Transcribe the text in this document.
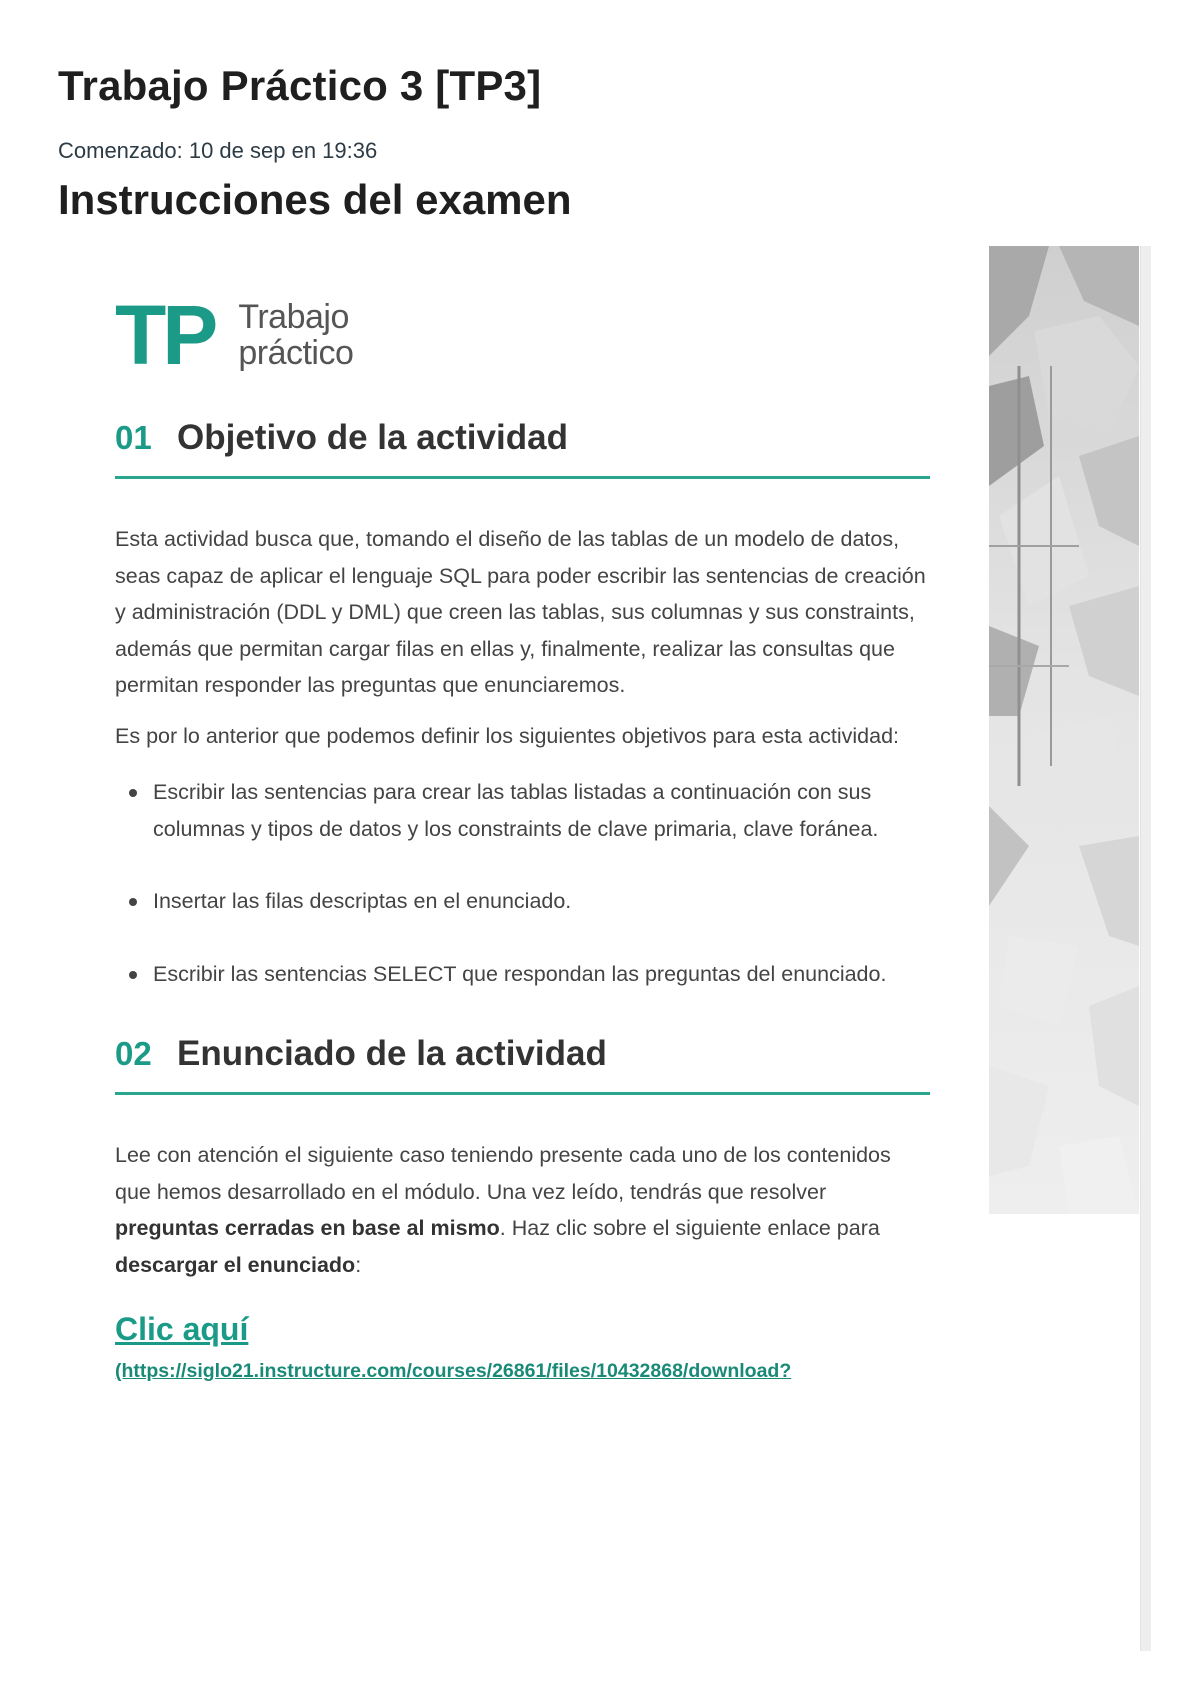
Trabajo Práctico 3 [TP3]
Comenzado: 10 de sep en 19:36
Instrucciones del examen
TP Trabajo
práctico
01 Objetivo de la actividad

Esta actividad busca que, tomando el diseño de las tablas de un modelo de datos, seas capaz de aplicar el lenguaje SQL para poder escribir las sentencias de creación y administración (DDL y DML) que creen las tablas, sus columnas y sus constraints, además que permitan cargar filas en ellas y, finalmente, realizar las consultas que permitan responder las preguntas que enunciaremos.

Es por lo anterior que podemos definir los siguientes objetivos para esta actividad:

Escribir las sentencias para crear las tablas listadas a continuación con sus columnas y tipos de datos y los constraints de clave primaria, clave foránea.
Insertar las filas descriptas en el enunciado.
Escribir las sentencias SELECT que respondan las preguntas del enunciado.
02 Enunciado de la actividad

Lee con atención el siguiente caso teniendo presente cada uno de los contenidos que hemos desarrollado en el módulo. Una vez leído, tendrás que resolver preguntas cerradas en base al mismo. Haz clic sobre el siguiente enlace para descargar el enunciado:

Clic aquí
(https://siglo21.instructure.com/courses/26861/files/10432868/download?
